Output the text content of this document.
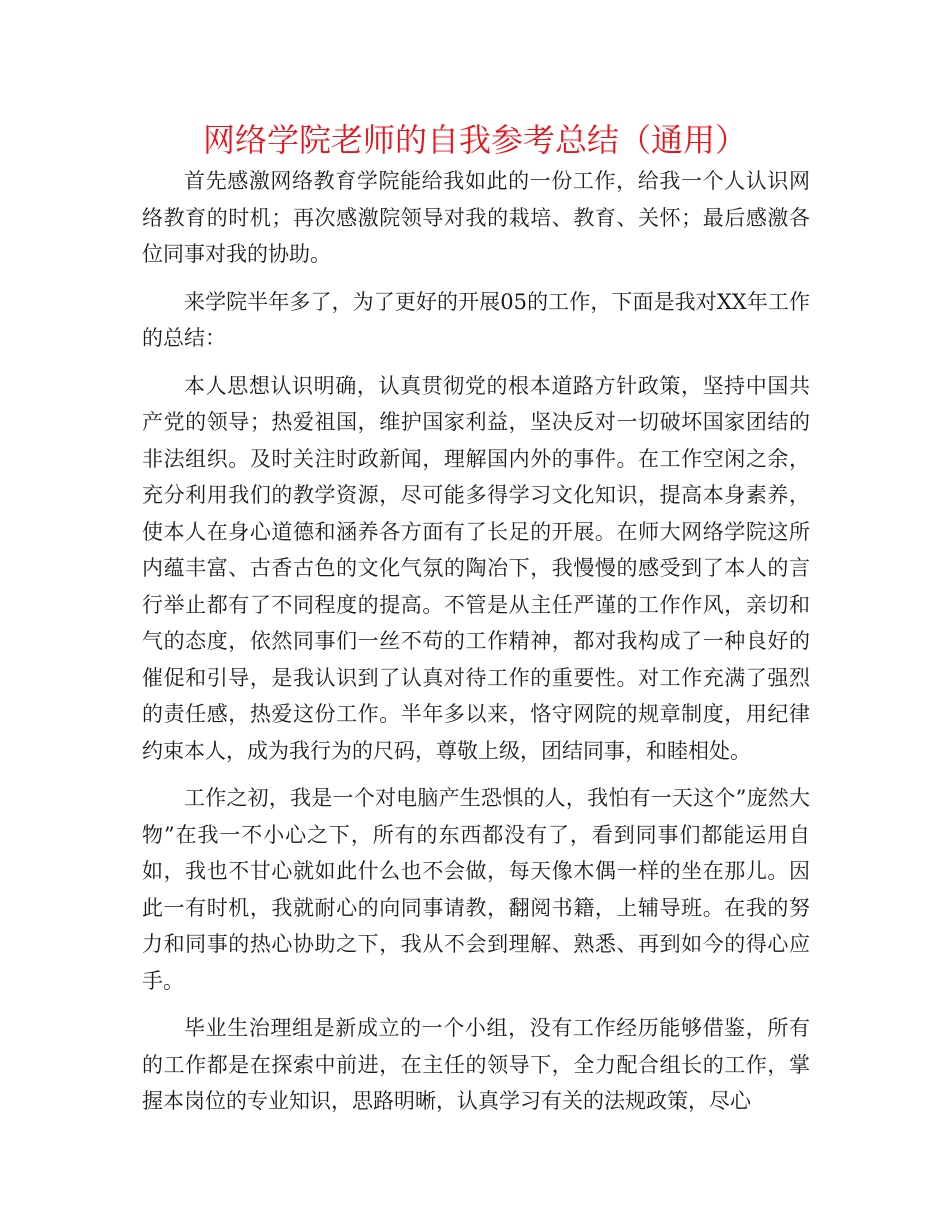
网络学院老师的自我参考总结（通用）

首先感激网络教育学院能给我如此的一份工作，给我一个人认识网络教育的时机；再次感激院领导对我的栽培、教育、关怀；最后感激各位同事对我的协助。

来学院半年多了，为了更好的开展05的工作，下面是我对XX年工作的总结：

本人思想认识明确，认真贯彻党的根本道路方针政策，坚持中国共产党的领导；热爱祖国，维护国家利益，坚决反对一切破坏国家团结的非法组织。及时关注时政新闻，理解国内外的事件。在工作空闲之余，充分利用我们的教学资源，尽可能多得学习文化知识，提高本身素养，使本人在身心道德和涵养各方面有了长足的开展。在师大网络学院这所内蕴丰富、古香古色的文化气氛的陶冶下，我慢慢的感受到了本人的言行举止都有了不同程度的提高。不管是从主任严谨的工作作风，亲切和气的态度，依然同事们一丝不苟的工作精神，都对我构成了一种良好的催促和引导，是我认识到了认真对待工作的重要性。对工作充满了强烈的责任感，热爱这份工作。半年多以来，恪守网院的规章制度，用纪律约束本人，成为我行为的尺码，尊敬上级，团结同事，和睦相处。

工作之初，我是一个对电脑产生恐惧的人，我怕有一天这个”庞然大物”在我一不小心之下，所有的东西都没有了，看到同事们都能运用自如，我也不甘心就如此什么也不会做，每天像木偶一样的坐在那儿。因此一有时机，我就耐心的向同事请教，翻阅书籍，上辅导班。在我的努力和同事的热心协助之下，我从不会到理解、熟悉、再到如今的得心应手。

毕业生治理组是新成立的一个小组，没有工作经历能够借鉴，所有的工作都是在探索中前进，在主任的领导下，全力配合组长的工作，掌握本岗位的专业知识，思路明晰，认真学习有关的法规政策，尽心
